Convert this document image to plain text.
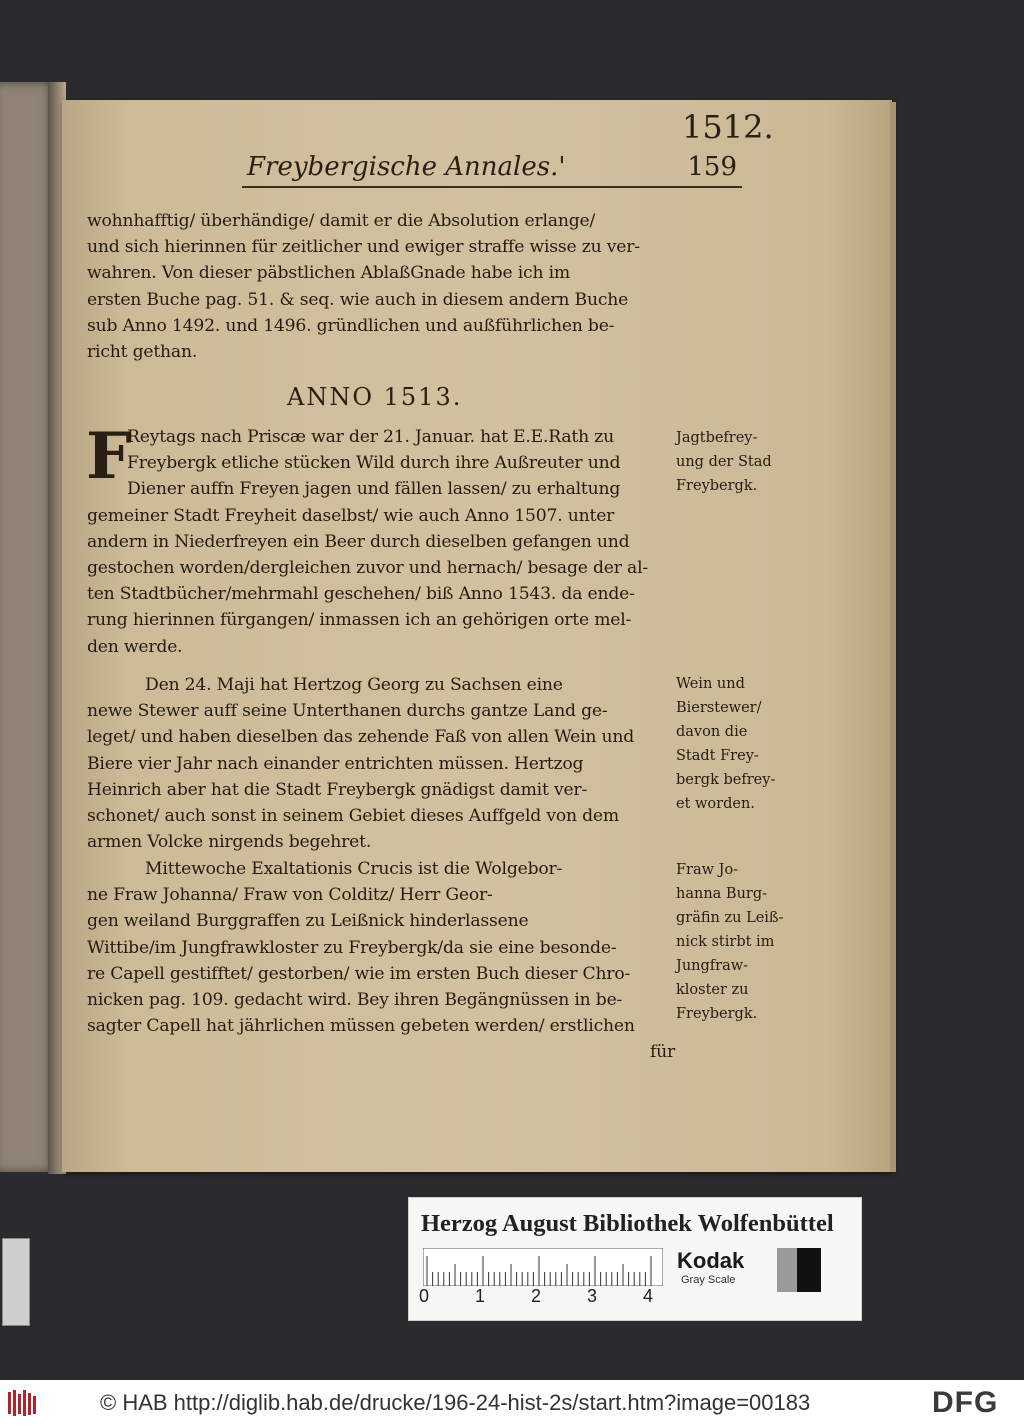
Freybergische Annales.'	159
1512.
wohnhafftig/ überhändige/ damit er die Absolution erlange/
und sich hierinnen für zeitlicher und ewiger straffe wisse zu ver-
wahren. Von dieser päbstlichen AblaßGnade habe ich im
ersten Buche pag. 51. & seq. wie auch in diesem andern Buche
sub Anno 1492. und 1496. gründlichen und außführlichen be-
richt gethan.
ANNO 1513.
F
Reytags nach Priscæ war der 21. Januar. hat E.E.Rath zu
Freybergk etliche stücken Wild durch ihre Außreuter und
Diener auffn Freyen jagen und fällen lassen/ zu erhaltung
gemeiner Stadt Freyheit daselbst/ wie auch Anno 1507. unter
andern in Niederfreyen ein Beer durch dieselben gefangen und
gestochen worden/dergleichen zuvor und hernach/ besage der al-
ten Stadtbücher/mehrmahl geschehen/ biß Anno 1543. da ende-
rung hierinnen fürgangen/ inmassen ich an gehörigen orte mel-
den werde.
Den 24. Maji hat Hertzog Georg zu Sachsen eine
newe Stewer auff seine Unterthanen durchs gantze Land ge-
leget/ und haben dieselben das zehende Faß von allen Wein und
Biere vier Jahr nach einander entrichten müssen. Hertzog
Heinrich aber hat die Stadt Freybergk gnädigst damit ver-
schonet/ auch sonst in seinem Gebiet dieses Auffgeld von dem
armen Volcke nirgends begehret.
Mittewoche Exaltationis Crucis ist die Wolgebor-
ne Fraw Johanna/ Fraw von Colditz/ Herr Geor-
gen weiland Burggraffen zu Leißnick hinderlassene
Wittibe/im Jungfrawkloster zu Freybergk/da sie eine besonde-
re Capell gestifftet/ gestorben/ wie im ersten Buch dieser Chro-
nicken pag. 109. gedacht wird. Bey ihren Begängnüssen in be-
sagter Capell hat jährlichen müssen gebeten werden/ erstlichen
für
Jagtbefrey-
ung der Stad
Freybergk.
Wein und
Bierstewer/
davon die
Stadt Frey-
bergk befrey-
et worden.
Fraw Jo-
hanna Burg-
gräfin zu Leiß-
nick stirbt im
Jungfraw-
kloster zu
Freybergk.
Herzog August Bibliothek Wolfenbüttel
0	1	2	3	4
Kodak
Gray Scale
© HAB http://diglib.hab.de/drucke/196-24-hist-2s/start.htm?image=00183	DFG
